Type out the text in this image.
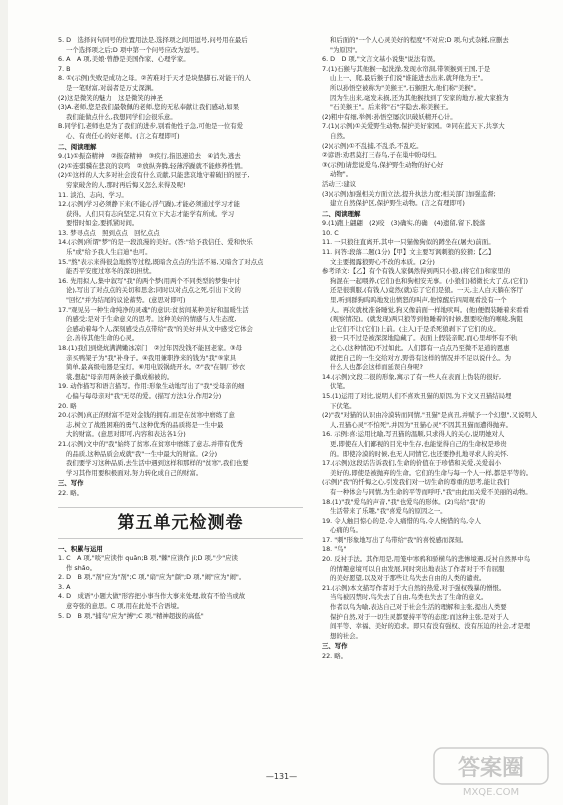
5. D　选择问句同号的位置用法是,选择项之间用逗号,问号用在最后
一个选择项之后;D 项中第一个问号应改为逗号。
6. A　A 项,美娘·曾静是美国作家、心理学家。
7. B
8. ①(示例)失败是成功之母。②苦难对于天才是块垫脚石,对能干的人
是一笔财富,对弱者是万丈深渊。
(2)这是微笑的魅力　这是微笑的神圣
(3)A.老师,您是我们最敬佩的老师,您的无私奉献让我们感动,如果
我们能做点什么,我想同学们会很乐意。
B.同学们,老师也是为了我们的进步,别看他性子急,可他是一位有爱
心、有责任心的好老师。(言之有理即可)
二、阅读理解
9.(1)①振奋精神　②振奋精神　③疾行,指迅速追去　④消失,逃去
(2)①连骐骥在悲哀的哀鸣　②放纵奔腾,轻薄浮躁就不能修养性情。
(2)①这样的人大多对社会没有什么贡献,只能悲哀地守着破旧的屋子,
穷家破舍的人,那时再后悔又怎么来得及呢!
11. 淡泊、志向、学习。
12.(示例)学习必须静下来(不能心浮气躁),才能必须通过学习才能
获得。人们只有志向坚定,只有立下大志才能学有所成。学习
要惜时如金,要抓紧时间。
13. 梦寻点点　照到点点　回忆点点
14.(示例)所谓"梦"的是一段浪漫的美好。(答:"给予我信任、爱和快乐
乐"或"给予我人生启迪"也可。
15."熬"表示来得很急地熬等过程,既暗含点点的生活不易,又暗含了对点点
能否平安度过寒冬的深切担忧。
16. 先用拟人,集中叙写"我"的两个梦(用两个不同类型的梦集中讨
论),写出了对点点的关切和思念;同时以对点点之死,引出下文的
"回忆"并为结尾的议论蓄势。(意思对即可)
17."观见另一种生命纯净的灵魂"的意识:贫贫间某种美好和温暖生活
的感受;是对于生命意义的思考。这种美好的情感与人生态度,
会感动着每个人,深刻感受点点带给"我"的美好并从文中感受它体会
会,善待其他生命的心灵。
18.(1)我们到烧炕满满嫩冰凉门　②过年因没钱不能回老家。③母
亲买鸭架子为"我"补身子。④我用兼职挣来的钱为"我"⑤家具
简单,最高级电器是宝灯。⑥用电饭锅烧开水。⑦"我"在钢厂炒衣
裳,想起"母亲用两条被子撕成棉被的。
19. 动作描写和语言描写。作用:形象生动地写出了"我"受母亲的细
心偏与每母亲对"我"无尽的爱。(描写方法1分,作用2分)
20. 略
20.(示例)真正的财富不是对金钱的拥有,而是在贫寒中磨练了意
志,树立了战胜困难的勇气,这种优秀的品质将是一生中最
大的财富。(意思对即可,内容和表达各1分)
21.(示例)文中的"我"始终了贫寒,在贫寒中磨练了意志,并带有优秀
的品质,这种品质会成就"我"一生中最大的财富。(2分)
我们要学习这种品质,去生活中遇到这样和那样的"贫寒",我们也要
学习其作用要积极面对,努力转化成自己的财富。
三、写作
22. 略。
第五单元检测卷
一、积累与运用
1. C　A 项,"啖"应读作 quān;B 项,"棘"应读作 jí;D 项,"少"应读
作 shǎo。
2. D　B 项,"剂"应为"剂";C 项,"扇"应为"颜";D 项,"闹"应为"闹"。
3. A
4. D　成语"小题大做"形容把小事当作大事来处理,故有不恰当或故
意夸张的意思。C 项,用在此处不合语境。
5. D　B 项,"捕鸟"应为"搏";C 项,"精神超拔的高低"
和后面的"一个人心灵美好的程度"不对应;D 项,句式杂糅,应删去
"为原因"。
6. D　D 项,"文言文基小说集"说法有误。
7.(1)石猴与其他猴一起洗澡,发现水帘洞,带领猴到王国,于是
山上一、爬,最后猴子们说"谁能进去出来,就拜他为王"。
所以孙悟空被称为"美猴王",石猴胆大,他们称"美猴"。
因为生出来,毫发未损,还为其他猴找到了安家的地方,被大家推为
"石美猴王"。后来将"石"字隐去,称美猴王。
(2)粗中有细,举例:孙悟空屡次识破妖精开心计。
7.(1)(示例)①关爱野生动物,保护美好家园。②同在蓝天下,共享大
自然。
(2)(示例)①不乱捕,不乱杀,不乱吃。
②谚语:劝君莫打三春鸟,子在巢中盼母归。
③(示例)请您说爱鸟,保护野生动物的好心好
动物"。
活动三:建议
(3)(示例)加强相关方面立法,提升执法力度;相关部门加强监督;
建立自然保护区,保护野生动物。(言之有理即可)
二、阅读理解
9.(1)跑上翩翩　(2)咬　(3)确实,的确　(4)遗留,留下,脱落
10. C
11. 一只狼往直离开,其中一只猫像狗似的蹲坐在(屠夫)前面。
11. 问答:段落二题(1分)【甲】文主要写讽刺狼的狡猾;【乙】
文主要揭露狼野心不改的本质。(2分)
参考译文:【乙】有个有钱人家偶然得到两只小狼,(将它们)和家里的
狗混在一起喂养,(它们)也和狗相安无事。(小狼们)稍微长大了点,(它们)
还是很驯服,(有钱人)竟然(就)忘了它们是狼。一天,主人白天躺在客厅
里,听到群狗呜呜地发出愤怒的叫声,他惊醒后四周观看没有一个
人。再次就枕准备睡觉,狗又像前面一样地吠叫。(他)便假装睡着来看看
(观察情况)。(就发现)两只狼等到他睡着的时候,想要咬他的喉咙,狗阻
止它们不让(它们)上前。(主人)于是杀死狼剥下了它们的皮。
狼一只不过是被深深地隐藏了。表面上假装亲昵,而心里却怀有不轨
之心,(这种情况)不过如此。人们都有一点点乃至微不足道的恩惠
就把自己的一生交给对方,野兽有这样的情况并不足以说什么。为
什么人也都会这样而延误自身呢?
14.(示例)文段二很的形象,寓示了有一些人在表面上伪装的很好,
伏笔。
15.(1)运用了对比,说明人们不喜欢丑猫的原因,为下文又丑猫结局埋
下伏笔。
(2)"我"对猫的认识由冷漠转而同情,"丑猫"是真丑,并赋予一个幻想",又说明人
人,丑猫心灵"不怕死",并因为"丑猫心灵"不因其丑猫而遭得抛弃。
16. 示例:喜:运用比喻,写丑猫的温顺,只求得人的关心,说明她对人
更,即使在人们鄙视的目光中生存,也能觉得自己的生命权是珍贵
的。即使冷漠的时候,也无人同情它,也还要挣扎地寻求人的关怀.
17.(示例)这段话告诉我们,生命的价值在于珍惜和关爱,关爱弱小
美好的,即使是被抛弃的生命。它们的生命与每一个人一样,都是平等的。
(示例)"我"的忏悔之心,引发我们对一切生命的尊重的思考,能让我们
有一种体会与同情,为生命的平等而呼吁,"我"由此而关爱不美丽的动物。
18.(1)"我"爱鸟的声音,"我"也爱鸟的形体。(2)鸟给"我"的
生活带来了乐趣,"我"喜爱鸟的原因之一。
19. 令人触目惊心的是,令人痛惜的鸟,令人惋惜的鸟,令人
心痛的鸟。
17. "刺"形象地写出了鸟带给"我"的喜悦感而深刻。
18. "鸟"
20. 反衬手法。其作用是,用笼中寒鸦和骄横鸟的悲惨境遇,反衬自然界中鸟
的情趣意境可以自由发展,同时突出地表达了作者对于不肯屈服
的美好愿望,以及对于那些让鸟失去自由的人类的谴责。
21.(示例)本文描写作者对于大自然的热爱,对于强权残暴的憎恨。
当鸟被囚禁时,鸟失去了自由,鸟类也失去了生命的意义。
作者以鸟为喻,表达自己对于社会生活的理解和主张,提出人类要
保护自然,对于一切生灵都要持平等的态度;而这种主张,是对于人
间平等、幸福、美好的追求。即只有没有强权、没有压迫的社会,才是理
想的社会。
三、写作
22. 略。
—131—	答案圈
MXQE.COM
